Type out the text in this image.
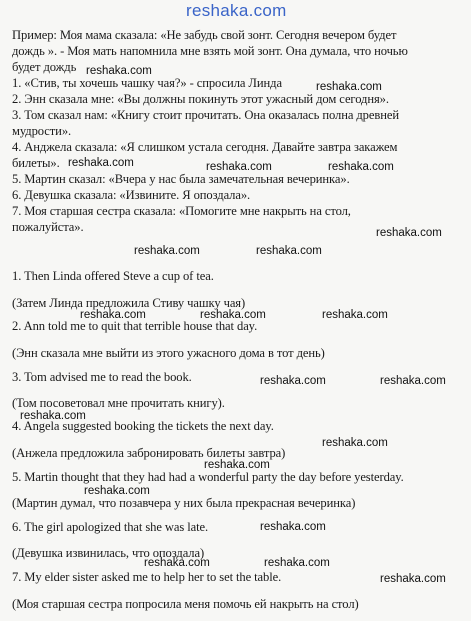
reshaka.com
Пример: Моя мама сказала: «Не забудь свой зонт. Сегодня вечером будет
дождь ». - Моя мать напомнила мне взять мой зонт. Она думала, что ночью
будет дождь
1. «Стив, ты хочешь чашку чая?» - спросила Линда
2. Энн сказала мне: «Вы должны покинуть этот ужасный дом сегодня».
3. Том сказал нам: «Книгу стоит прочитать. Она оказалась полна древней
мудрости».
4. Анджела сказала: «Я слишком устала сегодня. Давайте завтра закажем
билеты».
5. Мартин сказал: «Вчера у нас была замечательная вечеринка».
6. Девушка сказала: «Извините. Я опоздала».
7. Моя старшая сестра сказала: «Помогите мне накрыть на стол,
пожалуйста».
1. Then Linda offered Steve a cup of tea.
(Затем Линда предложила Стиву чашку чая)
2. Ann told me to quit that terrible house that day.
(Энн сказала мне выйти из этого ужасного дома в тот день)
3. Tom advised me to read the book.
(Том посоветовал мне прочитать книгу).
4. Angela suggested booking the tickets the next day.
(Анжела предложила забронировать билеты завтра)
5. Martin thought that they had had a wonderful party the day before yesterday.
(Мартин думал, что позавчера у них была прекрасная вечеринка)
6. The girl apologized that she was late.
(Девушка извинилась, что опоздала)
7. My elder sister asked me to help her to set the table.
(Моя старшая сестра попросила меня помочь ей накрыть на стол)
reshaka.com
reshaka.com
reshaka.com	reshaka.com	reshaka.com
reshaka.com
reshaka.com	reshaka.com
reshaka.com	reshaka.com	reshaka.com
reshaka.com	reshaka.com
reshaka.com
reshaka.com
reshaka.com
reshaka.com
reshaka.com
reshaka.com	reshaka.com
reshaka.com
